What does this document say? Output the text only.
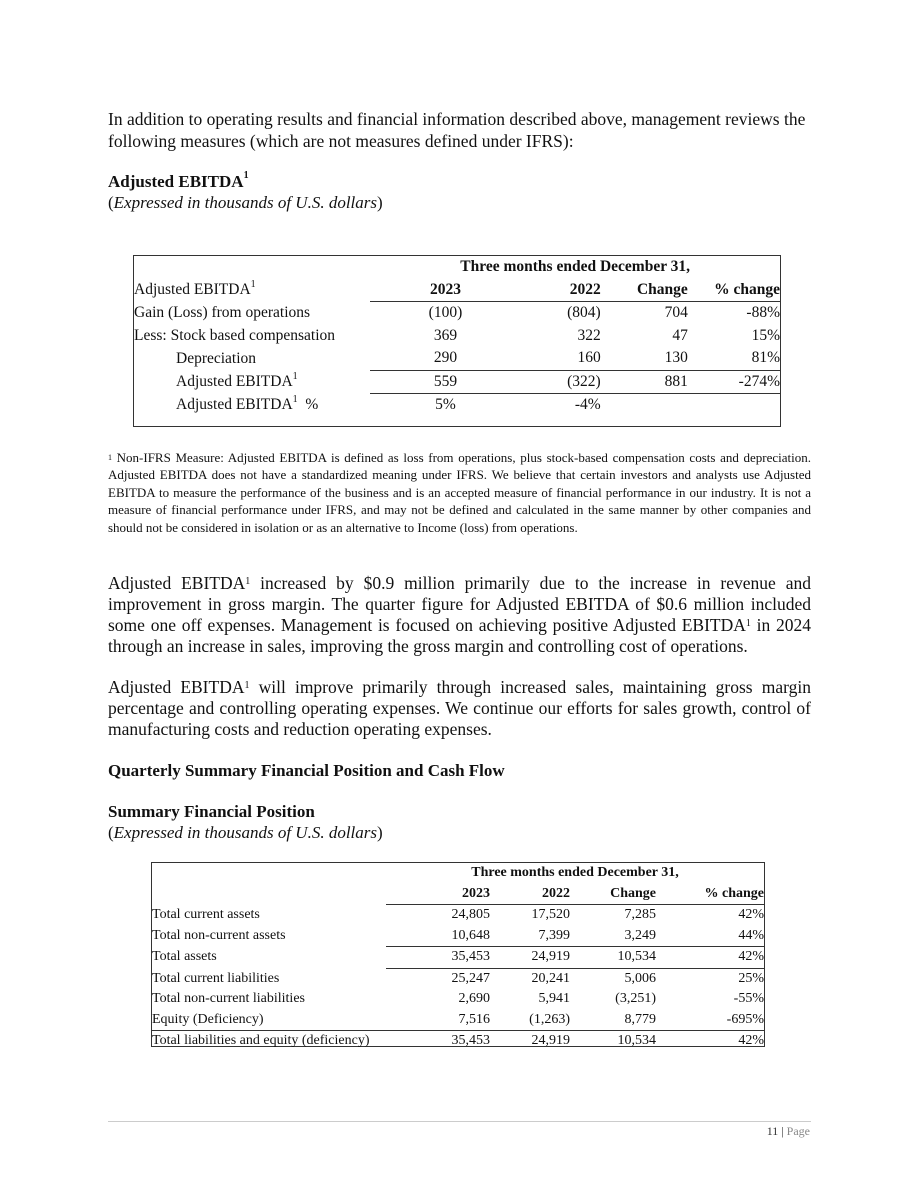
In addition to operating results and financial information described above, management reviews the following measures (which are not measures defined under IFRS):

Adjusted EBITDA$^1$
(Expressed in thousands of U.S. dollars)
	Three months ended December 31,			
Adjusted EBITDA$^1$	2023	2022	Change	% change
Gain (Loss) from operations	(100)	(804)	704	-88%
Less: Stock based compensation	369	322	47	15%
Depreciation	290	160	130	81%
Adjusted EBITDA$^1$	559	(322)	881	-274%
Adjusted EBITDA$^1$ %	5%	-4%		

$^1$ Non-IFRS Measure: Adjusted EBITDA is defined as loss from operations, plus stock-based compensation costs and depreciation. Adjusted EBITDA does not have a standardized meaning under IFRS. We believe that certain investors and analysts use Adjusted EBITDA to measure the performance of the business and is an accepted measure of financial performance in our industry. It is not a measure of financial performance under IFRS, and may not be defined and calculated in the same manner by other companies and should not be considered in isolation or as an alternative to Income (loss) from operations.

Adjusted EBITDA$^1$ increased by $0.9 million primarily due to the increase in revenue and improvement in gross margin. The quarter figure for Adjusted EBITDA of $0.6 million included some one off expenses. Management is focused on achieving positive Adjusted EBITDA$^1$ in 2024 through an increase in sales, improving the gross margin and controlling cost of operations.

Adjusted EBITDA$^1$ will improve primarily through increased sales, maintaining gross margin percentage and controlling operating expenses. We continue our efforts for sales growth, control of manufacturing costs and reduction operating expenses.

Quarterly Summary Financial Position and Cash Flow
Summary Financial Position
(Expressed in thousands of U.S. dollars)
	Three months ended December 31,			
	2023	2022	Change	% change
Total current assets	24,805	17,520	7,285	42%
Total non-current assets	10,648	7,399	3,249	44%
Total assets	35,453	24,919	10,534	42%
Total current liabilities	25,247	20,241	5,006	25%
Total non-current liabilities	2,690	5,941	(3,251)	-55%
Equity (Deficiency)	7,516	(1,263)	8,779	-695%
Total liabilities and equity (deficiency)	35,453	24,919	10,534	42%
11 | Page
